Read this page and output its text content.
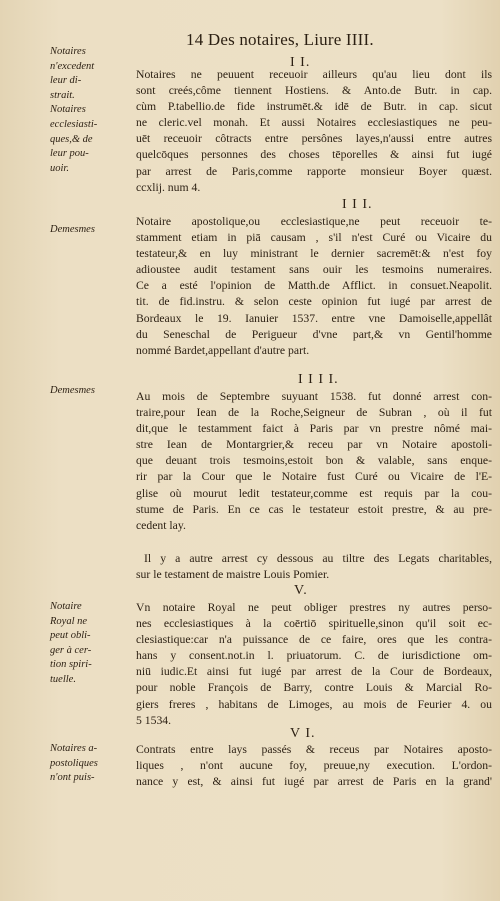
14 Des notaires, Liure IIII.
I I.
Notaires
n'excedent
leur di-
strait.
Notaires
ecclesiasti-
ques,& de
leur pou-
uoir.
Notaires ne peuuent receuoir ailleurs qu'au lieu dont ils
sont creés,côme tiennent Hostiens. & Anto.de Butr. in cap.
cùm P.tabellio.de fide instrumēt.& idē de Butr. in cap. sicut
ne cleric.vel monah. Et aussi Notaires ecclesiastiques ne peu-
uēt receuoir côtracts entre persônes layes,n'aussi entre autres
quelcōques personnes des choses tēporelles & ainsi fut iugé
par arrest de Paris,comme rapporte monsieur Boyer quæst.
ccxlij. num 4.
I I I.
Demesmes
Notaire apostolique,ou ecclesiastique,ne peut receuoir te-
stamment etiam in piā causam , s'il n'est Curé ou Vicaire du
testateur,& en luy ministrant le dernier sacremēt:& n'est foy
adioustee audit testament sans ouir les tesmoins numeraires.
Ce a esté l'opinion de Matth.de Afflict. in consuet.Neapolit.
tit. de fid.instru. & selon ceste opinion fut iugé par arrest de
Bordeaux le 19. Ianuier 1537. entre vne Damoiselle,appellât
du Seneschal de Perigueur d'vne part,& vn Gentil'homme
nommé Bardet,appellant d'autre part.
I I I I.
Demesmes	Au mois de Septembre suyuant 1538. fut donné arrest con-
traire,pour Iean de la Roche,Seigneur de Subran , où il fut
dit,que le testamment faict à Paris par vn prestre nômé mai-
stre Iean de Montargrier,& receu par vn Notaire apostoli-
que deuant trois tesmoins,estoit bon & valable, sans enque-
rir par la Cour que le Notaire fust Curé ou Vicaire de l'E-
glise où mourut ledit testateur,comme est requis par la cou-
stume de Paris. En ce cas le testateur estoit prestre, & au pre-
cedent lay.
Il y a autre arrest cy dessous au tiltre des Legats charitables,
sur le testament de maistre Louis Pomier.
V.
Notaire
Royal ne
peut obli-
ger à cer-
tion spiri-
tuelle.
Vn notaire Royal ne peut obliger prestres ny autres perso-
nes ecclesiastiques à la coērtiō spirituelle,sinon qu'il soit ec-
clesiastique:car n'a puissance de ce faire, ores que les contra-
hans y consent.not.in l. priuatorum. C. de iurisdictione om-
niū iudic.Et ainsi fut iugé par arrest de la Cour de Bordeaux,
pour noble François de Barry, contre Louis & Marcial Ro-
giers freres , habitans de Limoges, au mois de Feurier 4. ou
5 1534.
V I.
Notaires a-
postoliques
n'ont puis-
Contrats entre lays passés & receus par Notaires aposto-
liques , n'ont aucune foy, preuue,ny execution. L'ordon-
nance y est, & ainsi fut iugé par arrest de Paris en la grand'
